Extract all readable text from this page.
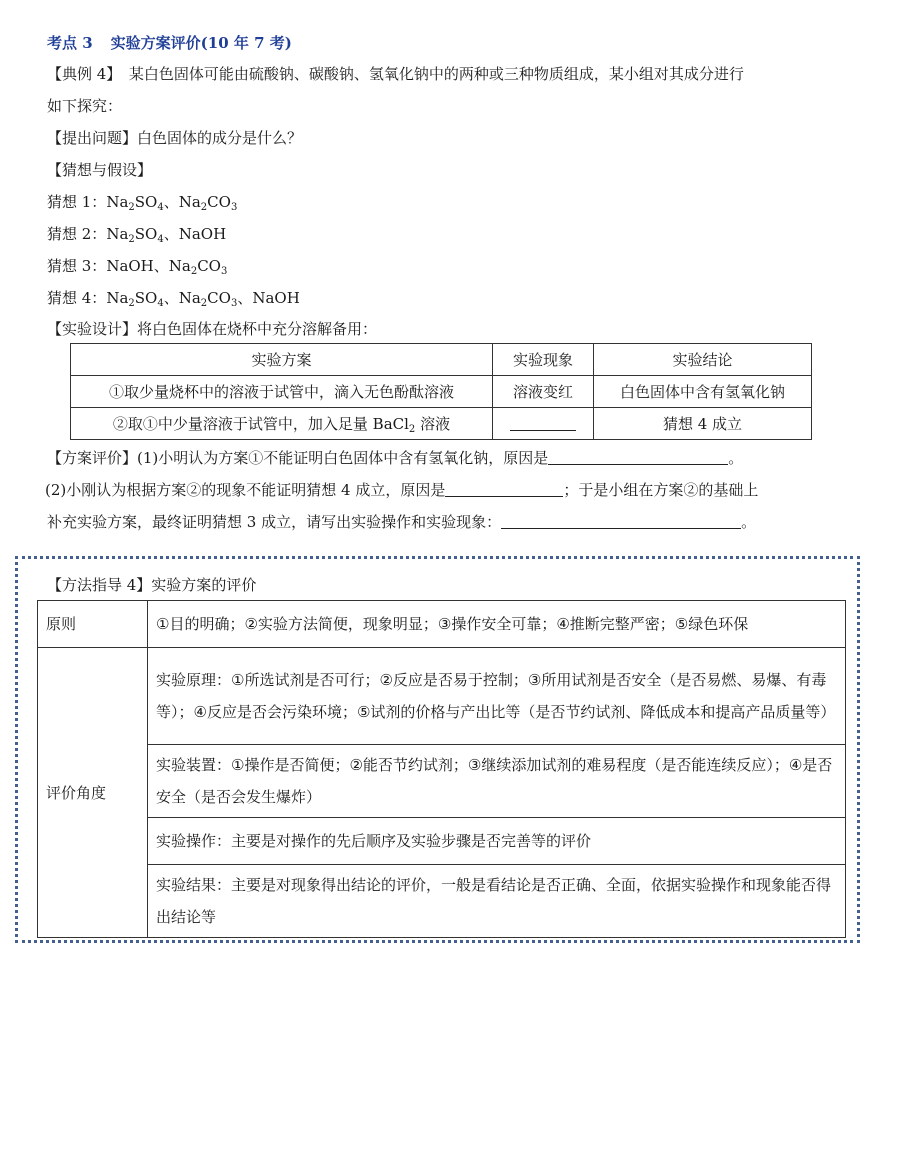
考点 3 实验方案评价(10 年 7 考)
【典例 4】　某白色固体可能由硫酸钠、碳酸钠、氢氧化钠中的两种或三种物质组成，某小组对其成分进行
如下探究：
【提出问题】白色固体的成分是什么？
【猜想与假设】
猜想 1：$Na_2SO_4$、$Na_2CO_3$
猜想 2：$Na_2SO_4$、NaOH
猜想 3：NaOH、$Na_2CO_3$
猜想 4：$Na_2SO_4$、$Na_2CO_3$、NaOH
【实验设计】将白色固体在烧杯中充分溶解备用：
实验方案	实验现象	实验结论
①取少量烧杯中的溶液于试管中，滴入无色酚酞溶液	溶液变红	白色固体中含有氢氧化钠
②取①中少量溶液于试管中，加入足量 BaCl$_2$ 溶液		猜想 4 成立
【方案评价】(1)小明认为方案①不能证明白色固体中含有氢氧化钠，原因是	。
(2)小刚认为根据方案②的现象不能证明猜想 4 成立，原因是	；于是小组在方案②的基础上
补充实验方案，最终证明猜想 3 成立，请写出实验操作和实验现象：	。
【方法指导 4】实验方案的评价
原则	①目的明确；②实验方法简便，现象明显；③操作安全可靠；④推断完整严密；⑤绿色环保
评价角度	实验原理：①所选试剂是否可行；②反应是否易于控制；③所用试剂是否安全（是否易燃、易爆、有毒等）；④反应是否会污染环境；⑤试剂的价格与产出比等（是否节约试剂、降低成本和提高产品质量等）
	实验装置：①操作是否简便；②能否节约试剂；③继续添加试剂的难易程度（是否能连续反应）；④是否安全（是否会发生爆炸）
	实验操作：主要是对操作的先后顺序及实验步骤是否完善等的评价
	实验结果：主要是对现象得出结论的评价，一般是看结论是否正确、全面，依据实验操作和现象能否得出结论等
